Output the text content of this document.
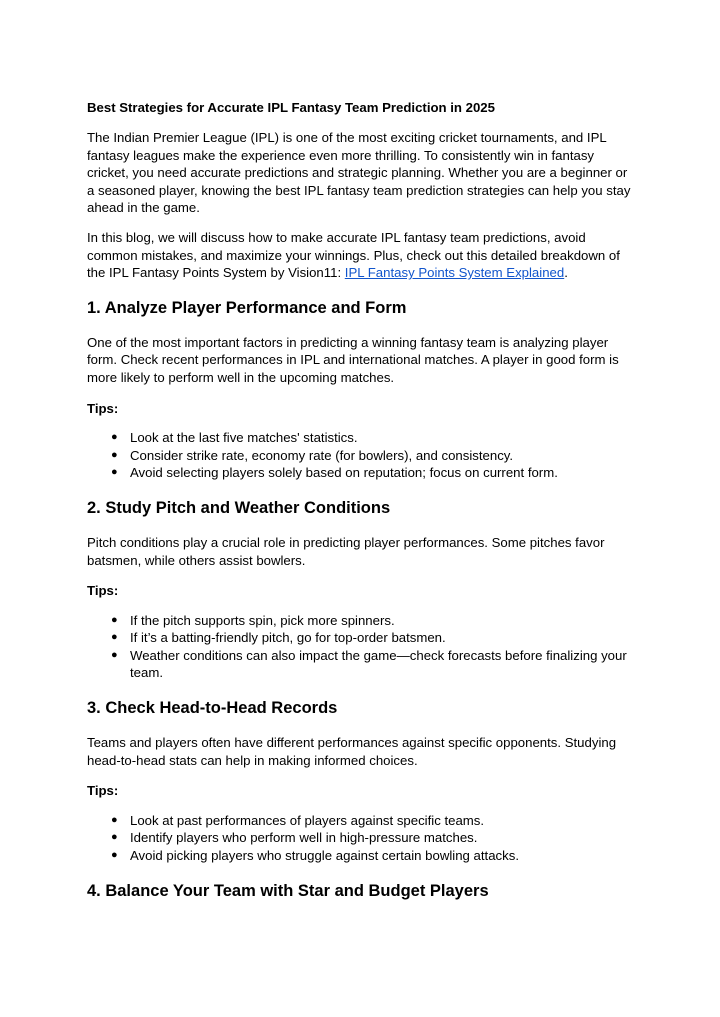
Best Strategies for Accurate IPL Fantasy Team Prediction in 2025

The Indian Premier League (IPL) is one of the most exciting cricket tournaments, and IPL fantasy leagues make the experience even more thrilling. To consistently win in fantasy cricket, you need accurate predictions and strategic planning. Whether you are a beginner or a seasoned player, knowing the best IPL fantasy team prediction strategies can help you stay ahead in the game.

In this blog, we will discuss how to make accurate IPL fantasy team predictions, avoid common mistakes, and maximize your winnings. Plus, check out this detailed breakdown of the IPL Fantasy Points System by Vision11: IPL Fantasy Points System Explained.

1. Analyze Player Performance and Form

One of the most important factors in predicting a winning fantasy team is analyzing player form. Check recent performances in IPL and international matches. A player in good form is more likely to perform well in the upcoming matches.

Tips:

● Look at the last five matches' statistics.
● Consider strike rate, economy rate (for bowlers), and consistency.
● Avoid selecting players solely based on reputation; focus on current form.
2. Study Pitch and Weather Conditions

Pitch conditions play a crucial role in predicting player performances. Some pitches favor batsmen, while others assist bowlers.

Tips:

● If the pitch supports spin, pick more spinners.
● If it’s a batting-friendly pitch, go for top-order batsmen.
● Weather conditions can also impact the game—check forecasts before finalizing your team.
3. Check Head-to-Head Records

Teams and players often have different performances against specific opponents. Studying head-to-head stats can help in making informed choices.

Tips:

● Look at past performances of players against specific teams.
● Identify players who perform well in high-pressure matches.
● Avoid picking players who struggle against certain bowling attacks.
4. Balance Your Team with Star and Budget Players
